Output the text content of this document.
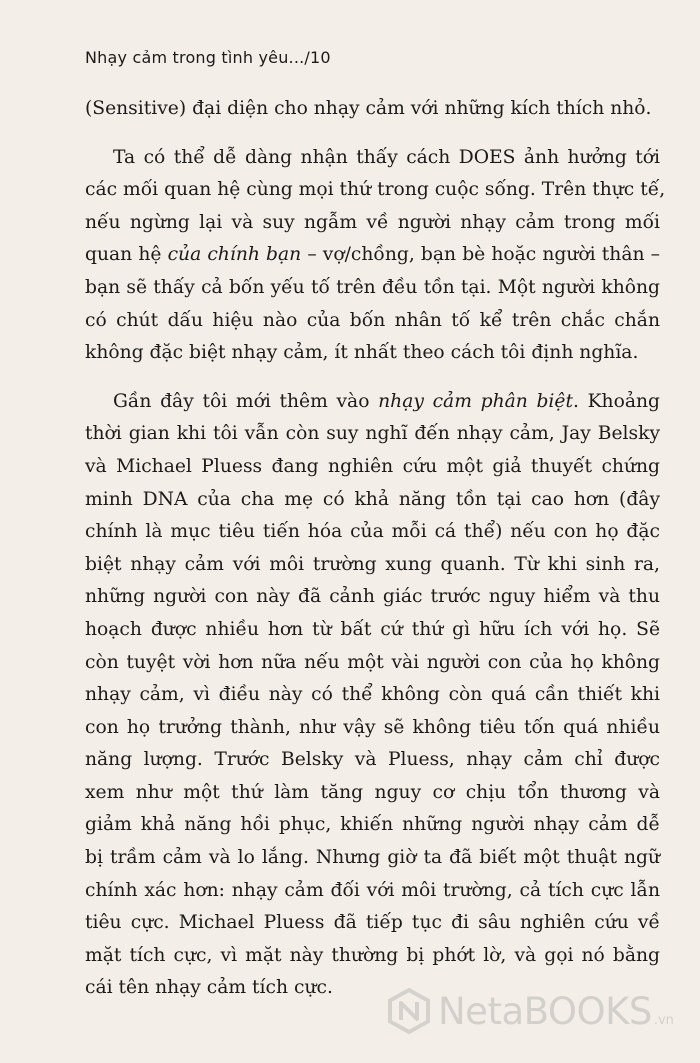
Nhạy cảm trong tình yêu.../10
(Sensitive) đại diện cho nhạy cảm với những kích thích nhỏ.
Ta có thể dễ dàng nhận thấy cách DOES ảnh hưởng tới
các mối quan hệ cùng mọi thứ trong cuộc sống. Trên thực tế,
nếu ngừng lại và suy ngẫm về người nhạy cảm trong mối
quan hệ của chính bạn – vợ/chồng, bạn bè hoặc người thân –
bạn sẽ thấy cả bốn yếu tố trên đều tồn tại. Một người không
có chút dấu hiệu nào của bốn nhân tố kể trên chắc chắn
không đặc biệt nhạy cảm, ít nhất theo cách tôi định nghĩa.
Gần đây tôi mới thêm vào nhạy cảm phân biệt. Khoảng
thời gian khi tôi vẫn còn suy nghĩ đến nhạy cảm, Jay Belsky
và Michael Pluess đang nghiên cứu một giả thuyết chứng
minh DNA của cha mẹ có khả năng tồn tại cao hơn (đây
chính là mục tiêu tiến hóa của mỗi cá thể) nếu con họ đặc
biệt nhạy cảm với môi trường xung quanh. Từ khi sinh ra,
những người con này đã cảnh giác trước nguy hiểm và thu
hoạch được nhiều hơn từ bất cứ thứ gì hữu ích với họ. Sẽ
còn tuyệt vời hơn nữa nếu một vài người con của họ không
nhạy cảm, vì điều này có thể không còn quá cần thiết khi
con họ trưởng thành, như vậy sẽ không tiêu tốn quá nhiều
năng lượng. Trước Belsky và Pluess, nhạy cảm chỉ được
xem như một thứ làm tăng nguy cơ chịu tổn thương và
giảm khả năng hồi phục, khiến những người nhạy cảm dễ
bị trầm cảm và lo lắng. Nhưng giờ ta đã biết một thuật ngữ
chính xác hơn: nhạy cảm đối với môi trường, cả tích cực lẫn
tiêu cực. Michael Pluess đã tiếp tục đi sâu nghiên cứu về
mặt tích cực, vì mặt này thường bị phớt lờ, và gọi nó bằng
cái tên nhạy cảm tích cực.
NetaBOOKS .vn
